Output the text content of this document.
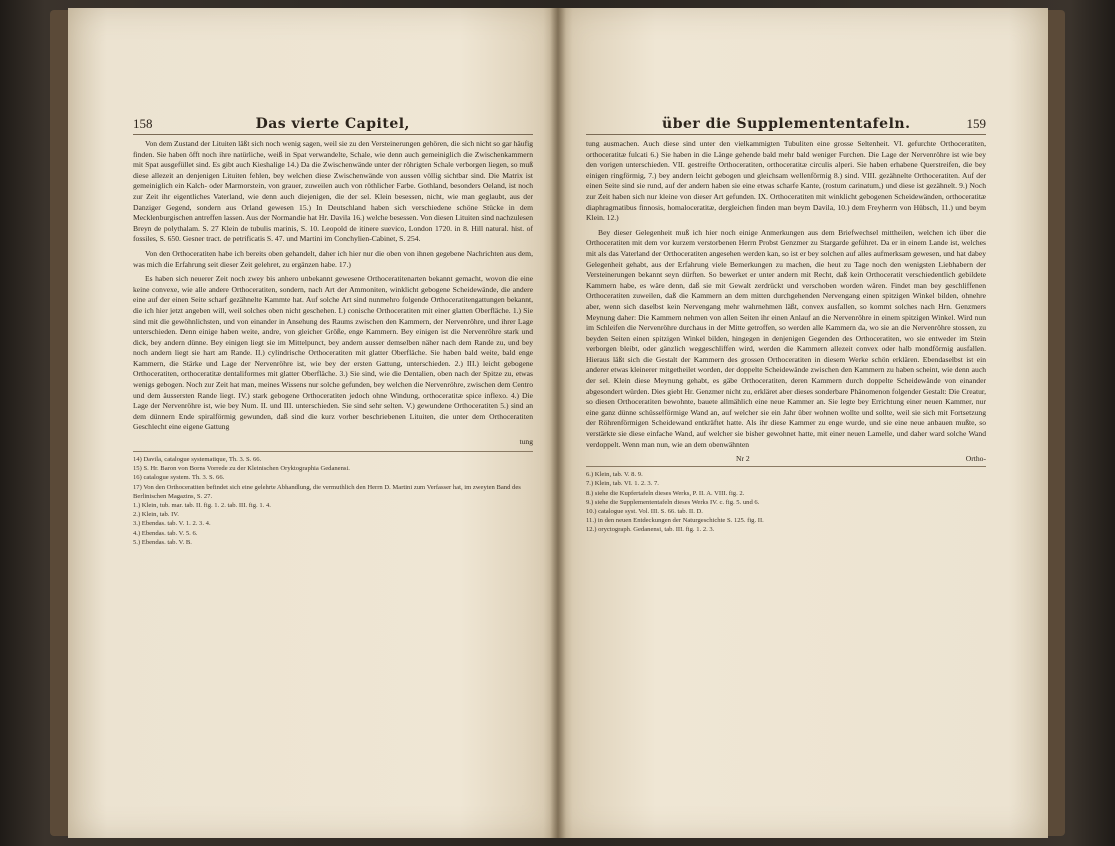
158	Das vierte Capitel,

Von dem Zustand der Lituiten läßt sich noch wenig sagen, weil sie zu den Versteinerungen gehören, die sich nicht so gar häufig finden. Sie haben öfft noch ihre natürliche, weiß in Spat verwandelte, Schale, wie denn auch gemeiniglich die Zwischenkammern mit Spat ausgefüllet sind. Es gibt auch Kieshalige 14.) Da die Zwischenwände unter der röhrigten Schale verborgen liegen, so muß diese allezeit an denjenigen Lituiten fehlen, bey welchen diese Zwischenwände von aussen völlig sichtbar sind. Die Matrix ist gemeiniglich ein Kalch- oder Marmorstein, von grauer, zuweilen auch von röthlicher Farbe. Gothland, besonders Oeland, ist noch zur Zeit ihr eigentliches Vaterland, wie denn auch diejenigen, die der sel. Klein besessen, nicht, wie man geglaubt, aus der Danziger Gegend, sondern aus Orland gewesen 15.) In Deutschland haben sich verschiedene schöne Stücke in dem Mecklenburgischen antreffen lassen. Aus der Normandie hat Hr. Davila 16.) welche besessen. Von diesen Lituiten sind nachzulesen Breyn de polythalam. S. 27 Klein de tubulis marinis, S. 10. Leopold de itinere suevico, London 1720. in 8. Hill natural. hist. of fossiles, S. 650. Gesner tract. de petrificatis S. 47. und Martini im Conchylien-Cabinet, S. 254.

Von den Orthoceratiten habe ich bereits oben gehandelt, daher ich hier nur die oben von ihnen gegebene Nachrichten aus dem, was mich die Erfahrung seit dieser Zeit gelehret, zu ergänzen habe. 17.)

Es haben sich neuerer Zeit noch zwey bis anhero unbekannt gewesene Orthoceratitenarten bekannt gemacht, wovon die eine keine convexe, wie alle andere Orthoceratiten, sondern, nach Art der Ammoniten, winklicht gebogene Scheidewände, die andere eine auf der einen Seite scharf gezähnelte Kammte hat. Auf solche Art sind nunmehro folgende Orthoceratitengattungen bekannt, die ich hier jetzt angeben will, weil solches oben nicht geschehen. I.) conische Orthoceratiten mit einer glatten Oberfläche. 1.) Sie sind mit die gewöhnlichsten, und von einander in Ansehung des Raums zwischen den Kammern, der Nervenröhre, und ihrer Lage unterschieden. Denn einige haben weite, andre, von gleicher Größe, enge Kammern. Bey einigen ist die Nervenröhre stark und dick, bey andern dünne. Bey einigen liegt sie im Mittelpunct, bey andern ausser demselben näher nach dem Rande zu, und bey noch andern liegt sie hart am Rande. II.) cylindrische Orthoceratiten mit glatter Oberfläche. Sie haben bald weite, bald enge Kammern, die Stärke und Lage der Nervenröhre ist, wie bey der ersten Gattung, unterschieden. 2.) III.) leicht gebogene Orthoceratiten, orthoceratitæ dentaliformes mit glatter Oberfläche. 3.) Sie sind, wie die Dentalien, oben nach der Spitze zu, etwas wenigs gebogen. Noch zur Zeit hat man, meines Wissens nur solche gefunden, bey welchen die Nervenröhre, zwischen dem Centro und dem äussersten Rande liegt. IV.) stark gebogene Orthoceratiten jedoch ohne Windung, orthoceratitæ spice inflexo. 4.) Die Lage der Nervenröhre ist, wie bey Num. II. und III. unterschieden. Sie sind sehr selten. V.) gewundene Orthoceratiten 5.) sind an dem dünnern Ende spiralförmig gewunden, daß sind die kurz vorher beschriebenen Lituiten, die unter dem Orthoceratiten Geschlecht eine eigene Gattung

tung
14) Davila, catalogue systematique, Th. 3. S. 66.
15) S. Hr. Baron von Borns Vorrede zu der Kleinischen Oryktographia Gedanensi.
16) catalogue system. Th. 3. S. 66.
17) Von den Orthoceratiten befindet sich eine gelehrte Abhandlung, die vermuthlich den Herrn D. Martini zum Verfasser hat, im zweyten Band des Berlinischen Magazins, S. 27.
1.) Klein, tub. mar. tab. II. fig. 1. 2. tab. III. fig. 1. 4.
2.) Klein, tab. IV.
3.) Ebendas. tab. V. 1. 2. 3. 4.
4.) Ebendas. tab. V. 5. 6.
5.) Ebendas. tab. V. B.
über die Supplemententafeln.	159

tung ausmachen. Auch diese sind unter den vielkammigten Tubuliten eine grosse Seltenheit. VI. gefurchte Orthoceratiten, orthoceratitæ fulcati 6.) Sie haben in die Länge gehende bald mehr bald weniger Furchen. Die Lage der Nervenröhre ist wie bey den vorigen unterschieden. VII. gestreifte Orthoceratiten, orthoceratitæ circulis alperi. Sie haben erhabene Querstreifen, die bey einigen ringförmig, 7.) bey andern leicht gebogen und gleichsam wellenförmig 8.) sind. VIII. gezähnelte Orthoceratiten. Auf der einen Seite sind sie rund, auf der andern haben sie eine etwas scharfe Kante, (rostum carinatum,) und diese ist gezähnelt. 9.) Noch zur Zeit haben sich nur kleine von dieser Art gefunden. IX. Orthoceratiten mit winklicht gebogenen Scheidewänden, orthoceratitæ diaphragmatibus finnosis, homaloceratitæ, dergleichen finden man beym Davila, 10.) dem Freyherrn von Hübsch, 11.) und beym Klein. 12.)

Bey dieser Gelegenheit muß ich hier noch einige Anmerkungen aus dem Briefwechsel mittheilen, welchen ich über die Orthoceratiten mit dem vor kurzem verstorbenen Herrn Probst Genzmer zu Stargarde geführet. Da er in einem Lande ist, welches mit als das Vaterland der Orthoceratiten angesehen werden kan, so ist er bey solchen auf alles aufmerksam gewesen, und hat dabey Gelegenheit gehabt, aus der Erfahrung viele Bemerkungen zu machen, die heut zu Tage noch den wenigsten Liebhabern der Versteinerungen bekannt seyn dürften. So bewerket er unter andern mit Recht, daß kein Orthoceratit verschiedentlich gebildete Kammern habe, es wäre denn, daß sie mit Gewalt zerdrückt und verschoben worden wären. Findet man bey geschliffenen Orthoceratiten zuweilen, daß die Kammern an dem mitten durchgehenden Nervengang einen spitzigen Winkel bilden, ohnehre aber, wenn sich daselbst kein Nervengang mehr wahrnehmen läßt, convex ausfallen, so kommt solches nach Hrn. Genzmers Meynung daher: Die Kammern nehmen von allen Seiten ihr einen Anlauf an die Nervenröhre in einem spitzigen Winkel. Wird nun im Schleifen die Nervenröhre durchaus in der Mitte getroffen, so werden alle Kammern da, wo sie an die Nervenröhre stossen, zu beyden Seiten einen spitzigen Winkel bilden, hingegen in denjenigen Gegenden des Orthoceratiten, wo sie entweder im Stein verborgen bleibt, oder gänzlich weggeschliffen wird, werden die Kammern allezeit convex oder halb mondförmig ausfallen. Hieraus läßt sich die Gestalt der Kammern des grossen Orthoceratiten in diesem Werke schön erklären. Ebendaselbst ist ein anderer etwas kleinerer mitgetheilet worden, der doppelte Scheidewände zwischen den Kammern zu haben scheint, wie denn auch der sel. Klein diese Meynung gehabt, es gäbe Orthoceratiten, deren Kammern durch doppelte Scheidewände von einander abgesondert würden. Dies giebt Hr. Genzmer nicht zu, erkläret aber dieses sonderbare Phänomenon folgender Gestalt: Die Creatur, so diesen Orthoceratiten bewohnte, bauete allmählich eine neue Kammer an. Sie legte bey Errichtung einer neuen Kammer, nur eine ganz dünne schüsselförmige Wand an, auf welcher sie ein Jahr über wohnen wollte und sollte, weil sie sich mit Fortsetzung der Röhrenförmigen Scheidewand entkräftet hatte. Als ihr diese Kammer zu enge wurde, und sie eine neue anbauen mußte, so verstärkte sie diese einfache Wand, auf welcher sie bisher gewohnet hatte, mit einer neuen Lamelle, und daher ward solche Wand verdoppelt. Wenn man nun, wie an dem obenwähnten

Nr 2	Ortho-
6.) Klein, tab. V. 8. 9.
7.) Klein, tab. VI. 1. 2. 3. 7.
8.) siehe die Kupfertafeln dieses Werks, P. II. A. VIII. fig. 2.
9.) siehe die Supplemententafeln dieses Werks IV. c. fig. 5. und 6.
10.) catalogue syst. Vol. III. S. 66. tab. II. D.
11.) in den neuen Entdeckungen der Naturgeschichte S. 125. fig. II.
12.) oryctograph. Gedanensi, tab. III. fig. 1. 2. 3.
